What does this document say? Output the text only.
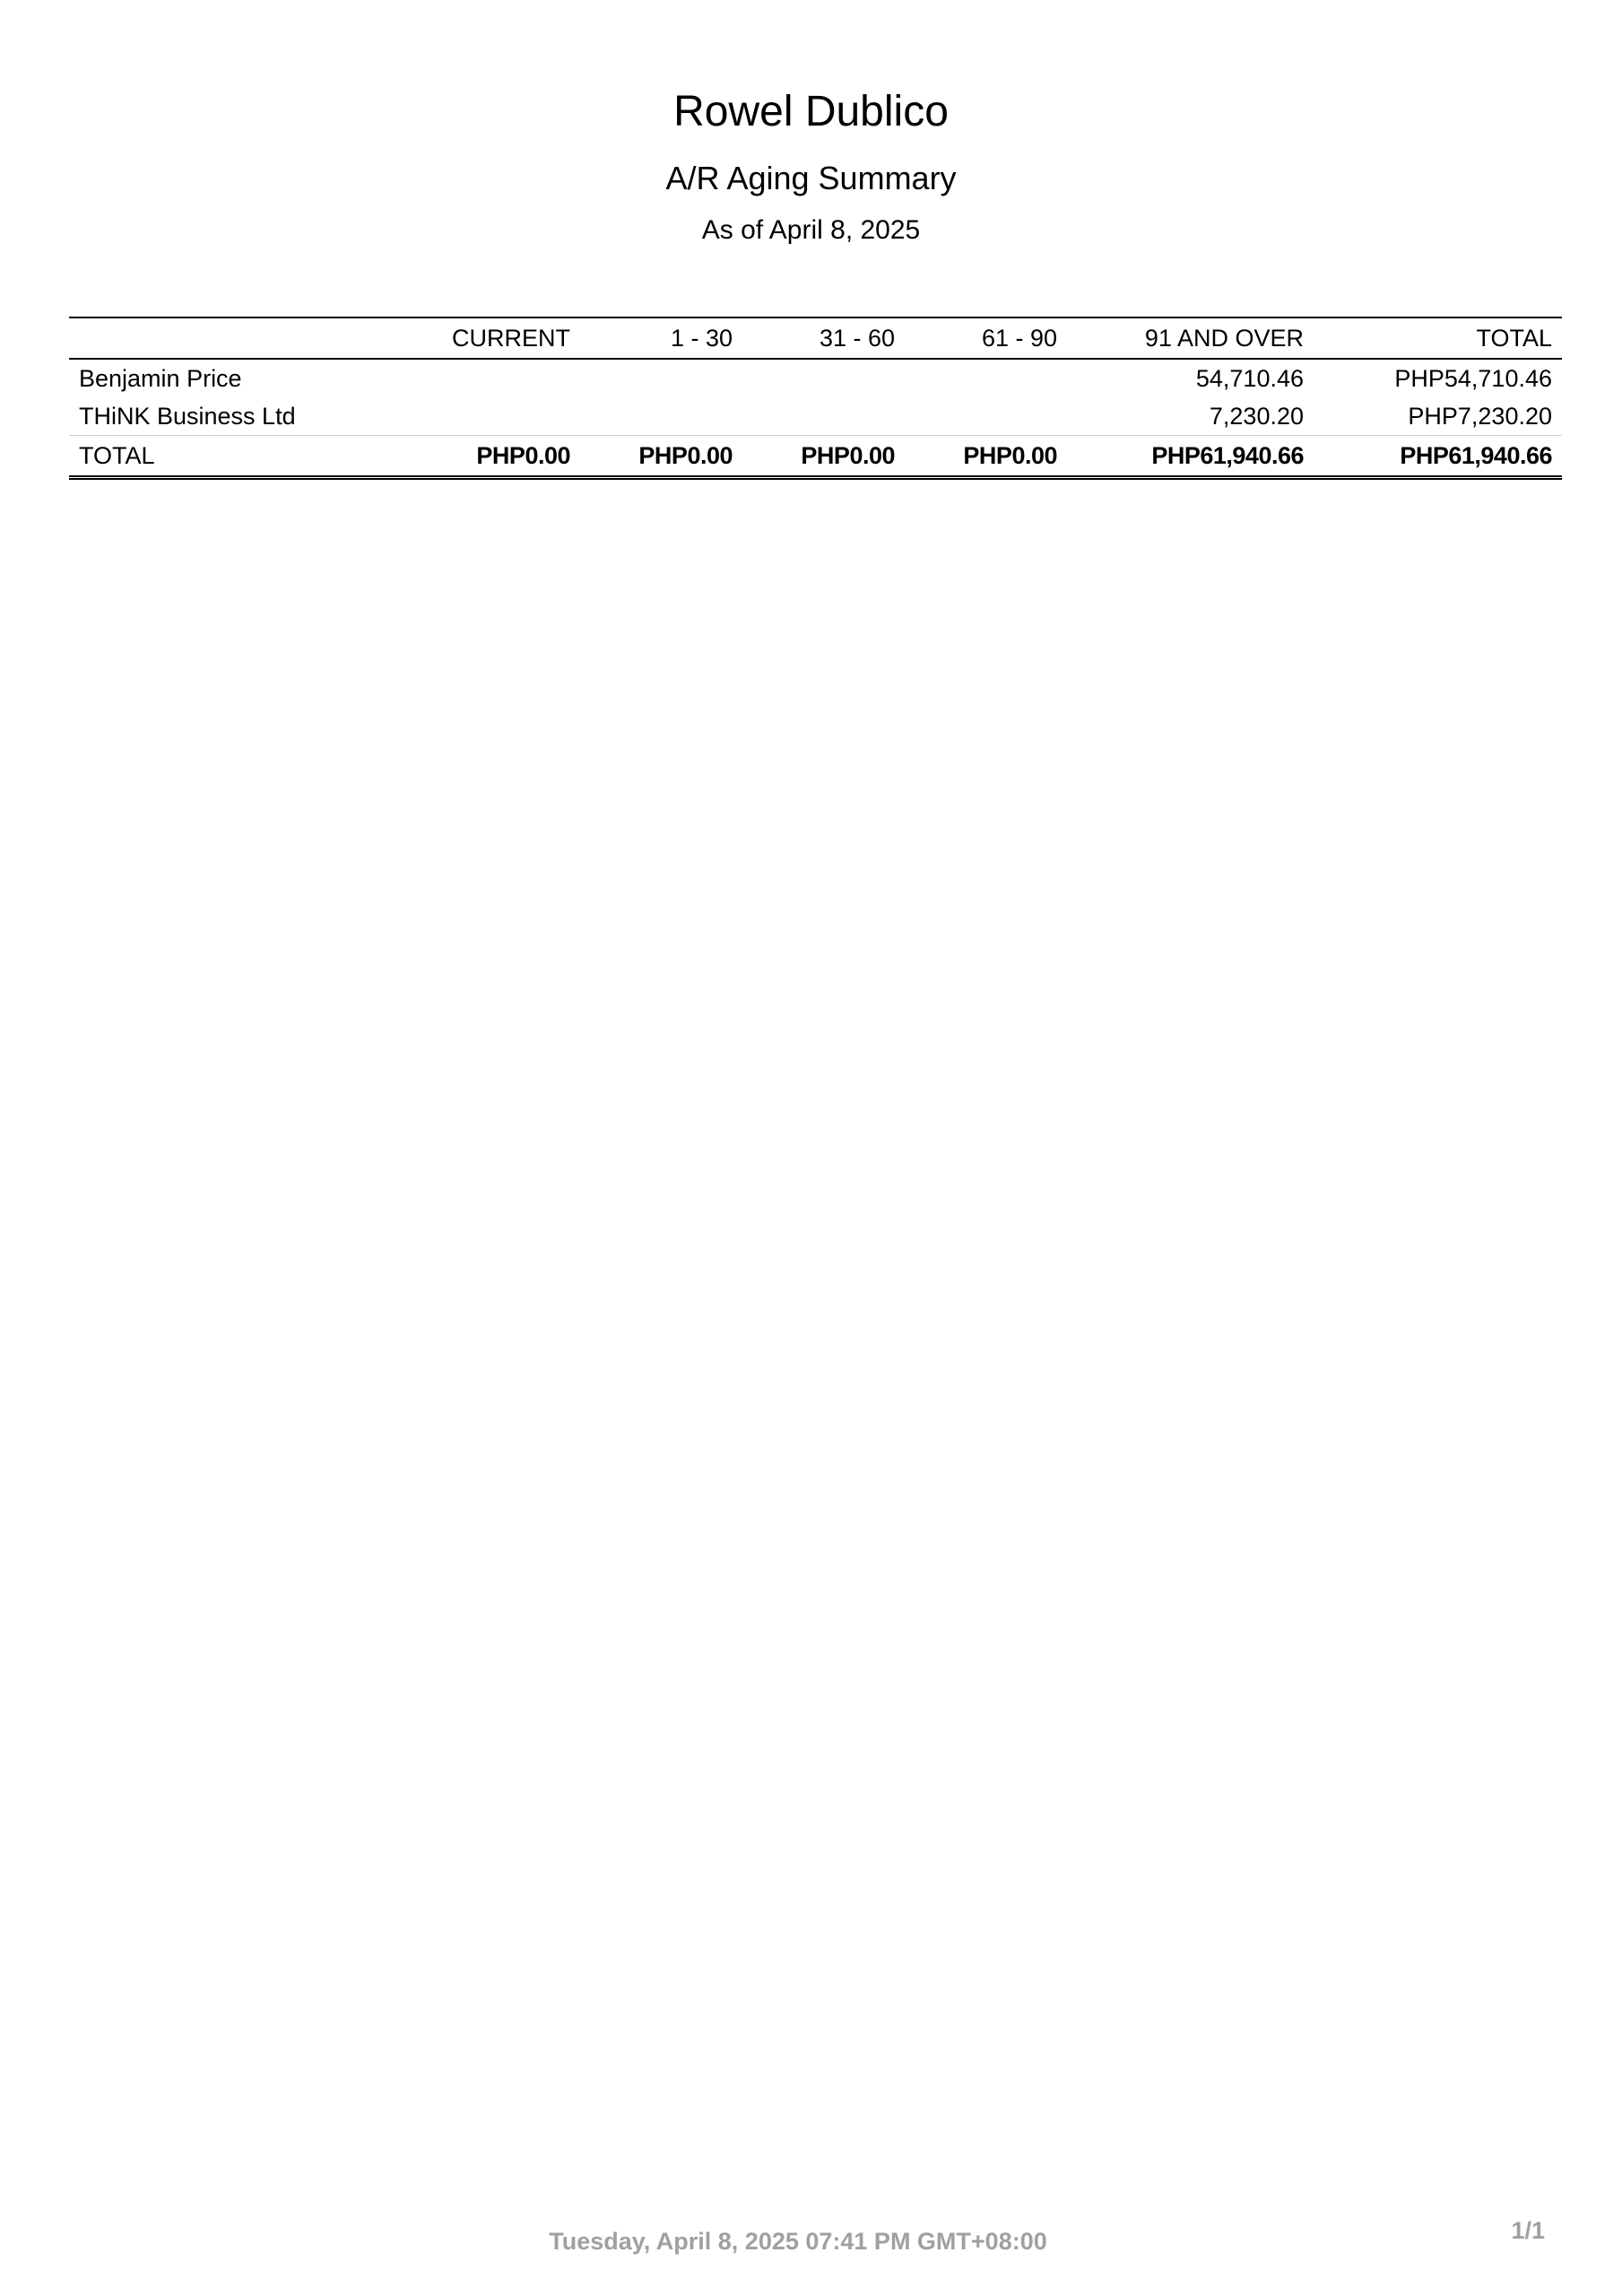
Rowel Dublico
A/R Aging Summary
As of April 8, 2025
	CURRENT	1 - 30	31 - 60	61 - 90	91 AND OVER	TOTAL
Benjamin Price					54,710.46	PHP54,710.46
THiNK Business Ltd					7,230.20	PHP7,230.20
TOTAL	PHP0.00	PHP0.00	PHP0.00	PHP0.00	PHP61,940.66	PHP61,940.66
Tuesday, April 8, 2025 07:41 PM GMT+08:00	1/1
